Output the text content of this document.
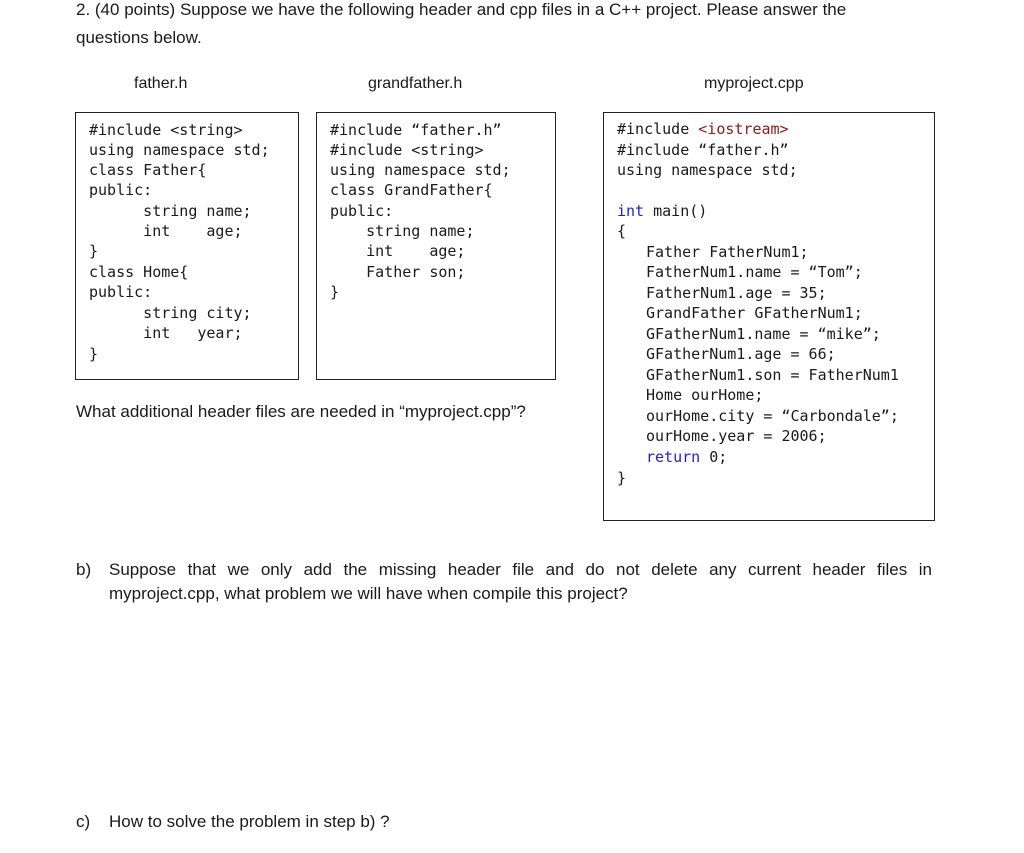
2. (40 points) Suppose we have the following header and cpp files in a C++ project. Please answer the
questions below.
father.h	grandfather.h	myproject.cpp
#include <string>
using namespace std;
class Father{
public:
string name;
int    age;
}
class Home{
public:
string city;
int   year;
}
#include “father.h”
#include <string>
using namespace std;
class GrandFather{
public:
string name;
int    age;
Father son;
}
#include <iostream>
#include “father.h”
using namespace std;
int main()
{
Father FatherNum1;
FatherNum1.name = “Tom”;
FatherNum1.age = 35;
GrandFather GFatherNum1;
GFatherNum1.name = “mike”;
GFatherNum1.age = 66;
GFatherNum1.son = FatherNum1
Home ourHome;
ourHome.city = “Carbondale”;
ourHome.year = 2006;
return 0;
}
What additional header files are needed in “myproject.cpp”?
b) Suppose that we only add the missing header file and do not delete any current header files in
myproject.cpp, what problem we will have when compile this project?
c) How to solve the problem in step b) ?
